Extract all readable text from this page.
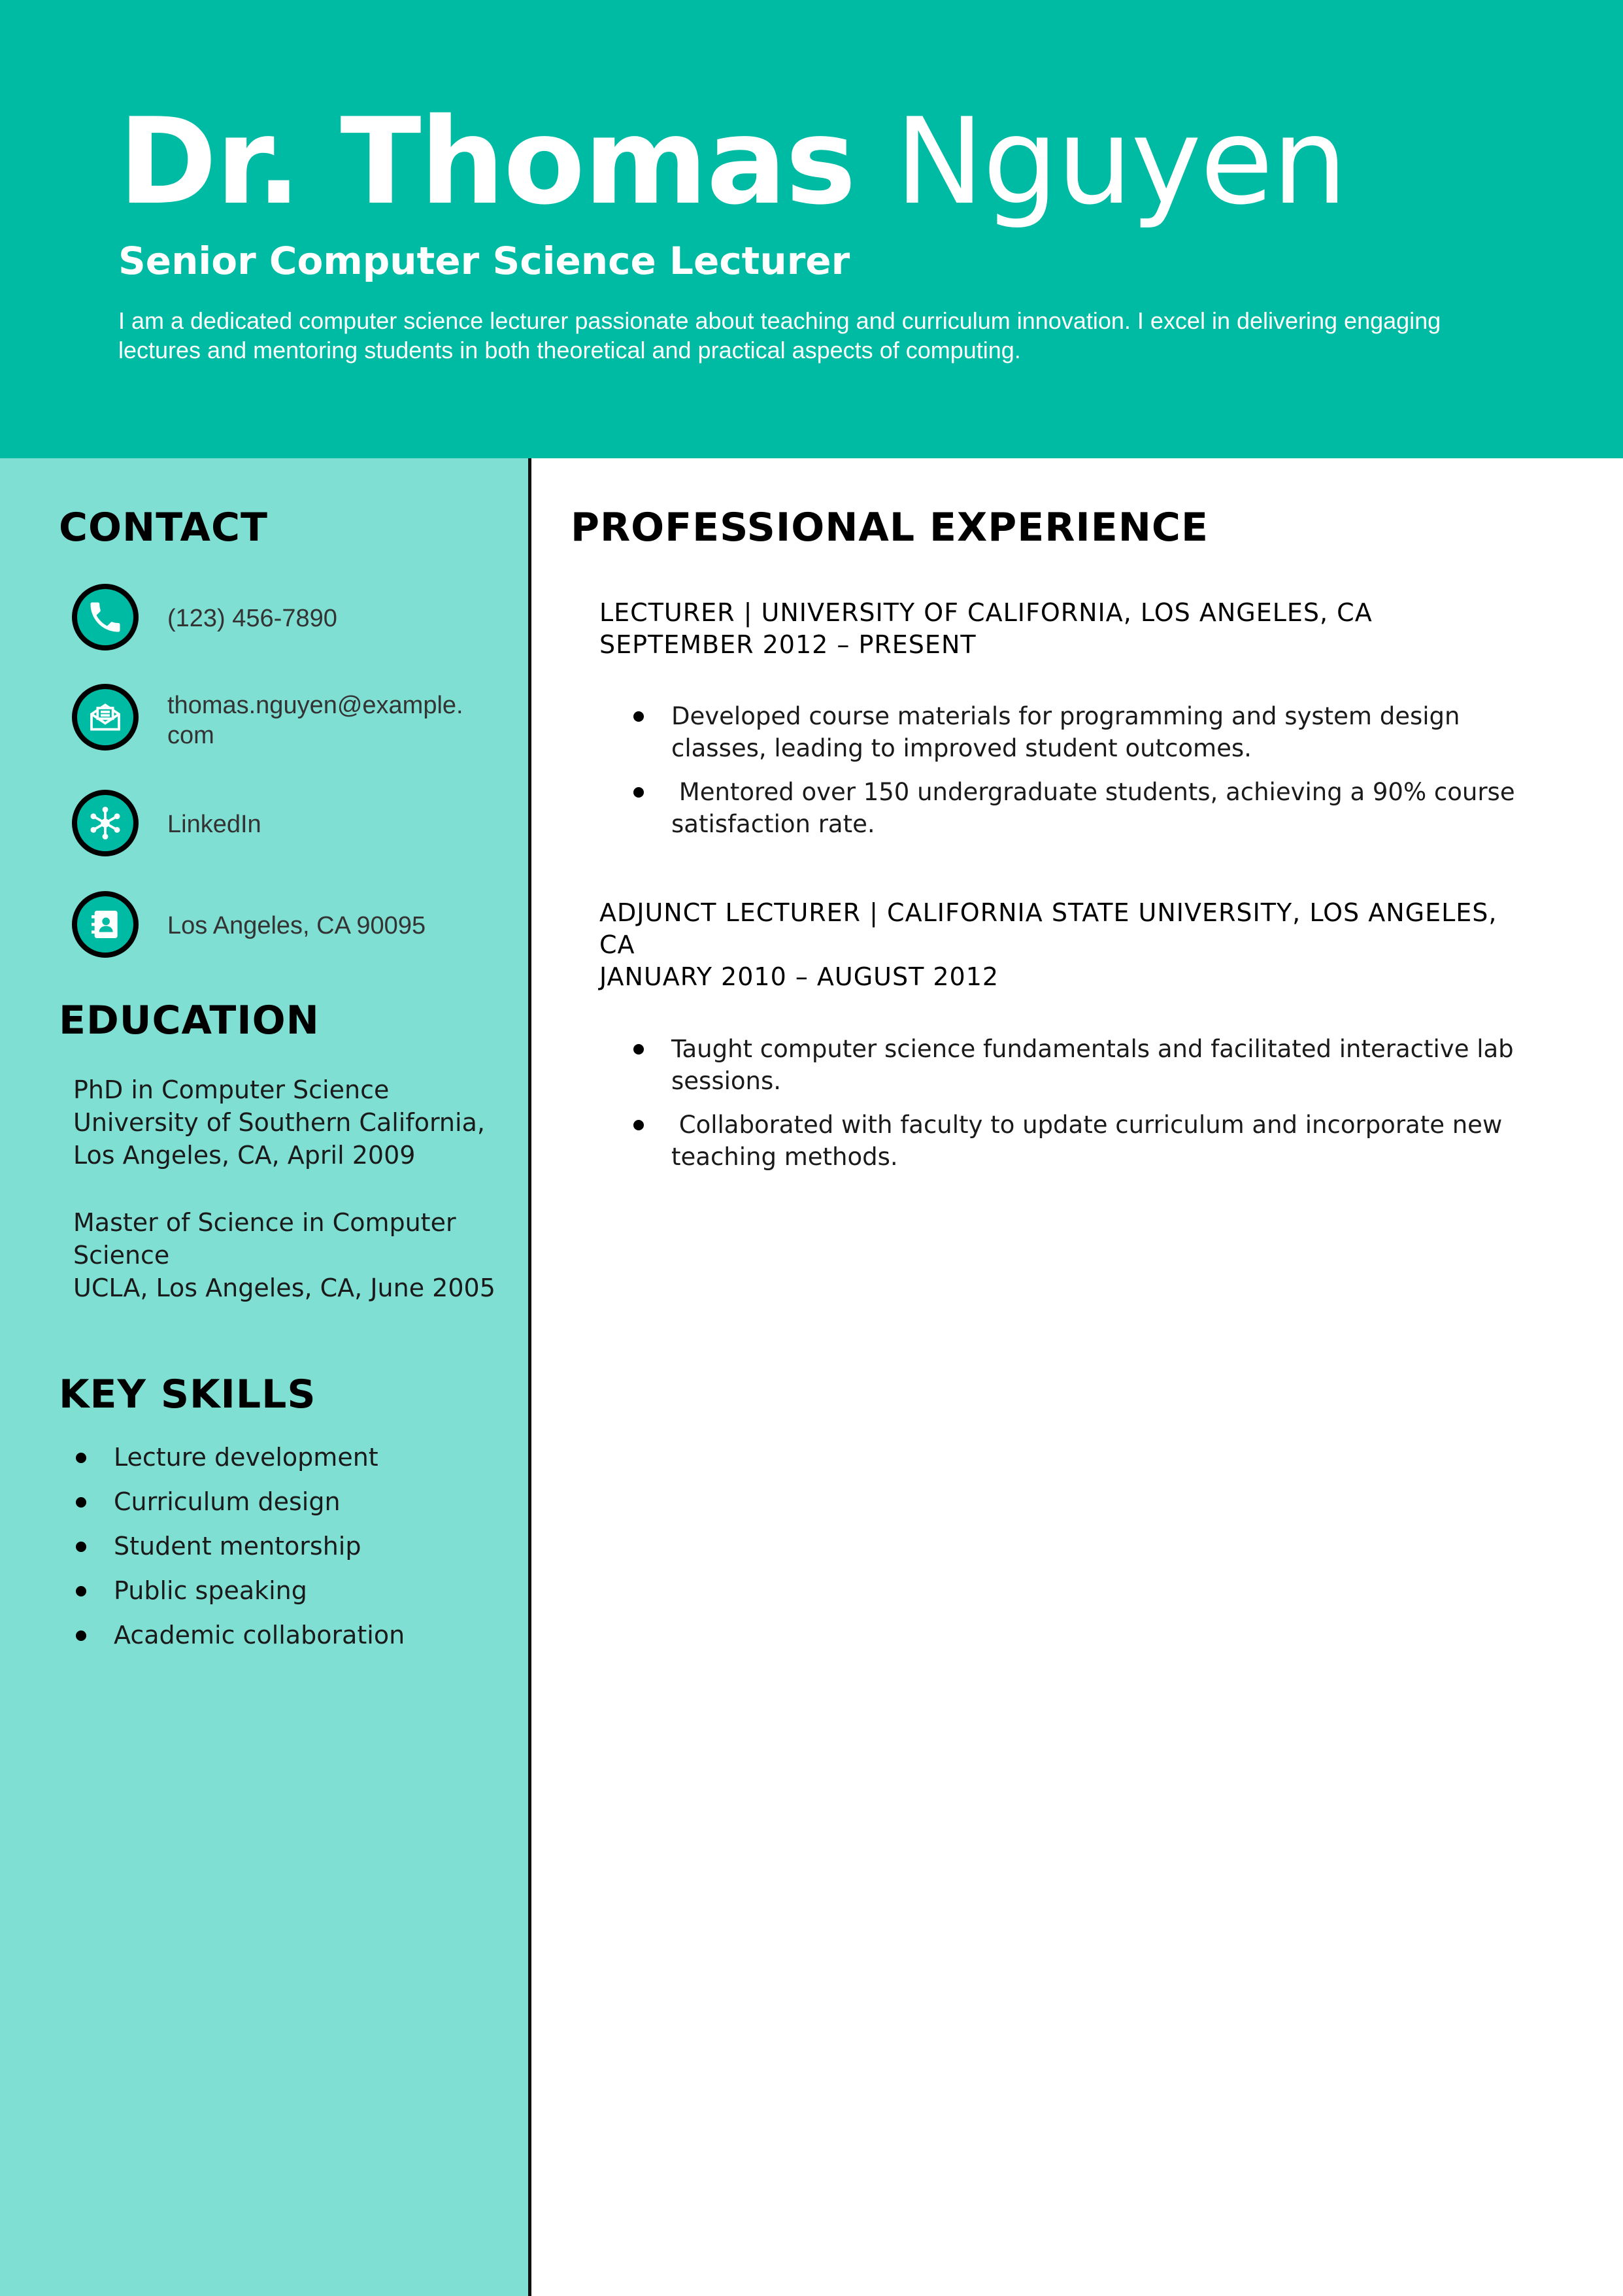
Dr. Thomas Nguyen
Senior Computer Science Lecturer

I am a dedicated computer science lecturer passionate about teaching and curriculum innovation. I excel in delivering engaging lectures and mentoring students in both theoretical and practical aspects of computing.

CONTACT
(123) 456-7890
thomas.nguyen@example.
com
LinkedIn
Los Angeles, CA 90095
EDUCATION
PhD in Computer Science
University of Southern California, Los Angeles, CA, April 2009
Master of Science in Computer Science
UCLA, Los Angeles, CA, June 2005
KEY SKILLS
Lecture development
Curriculum design
Student mentorship
Public speaking
Academic collaboration
PROFESSIONAL EXPERIENCE
LECTURER | UNIVERSITY OF CALIFORNIA, LOS ANGELES, CA
SEPTEMBER 2012 – PRESENT
Developed course materials for programming and system design classes, leading to improved student outcomes.
Mentored over 150 undergraduate students, achieving a 90% course satisfaction rate.
ADJUNCT LECTURER | CALIFORNIA STATE UNIVERSITY, LOS ANGELES, CA
JANUARY 2010 – AUGUST 2012
Taught computer science fundamentals and facilitated interactive lab sessions.
Collaborated with faculty to update curriculum and incorporate new teaching methods.
